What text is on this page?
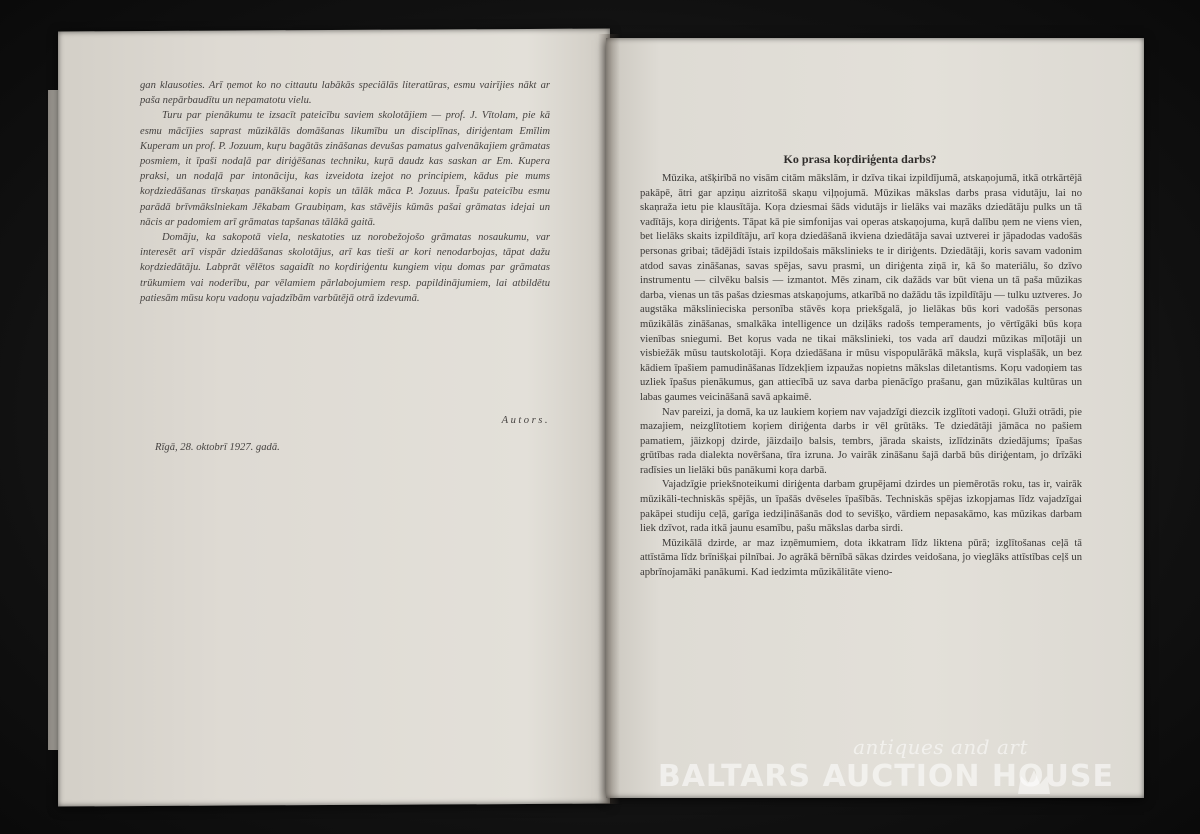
gan klausoties. Arī ņemot ko no cittautu labākās speciālās literatūras, esmu vairījies nākt ar paša nepārbaudītu un nepamatotu vielu.

Turu par pienākumu te izsacīt pateicību saviem skolotājiem — prof. J. Vītolam, pie kā esmu mācījies saprast mūzikālās domāšanas likumību un disciplīnas, diriģentam Emīlim Kuperam un prof. P. Jozuum, kuŗu bagātās zināšanas devušas pamatus galvenākajiem grāmatas posmiem, it īpaši nodaļā par diriģēšanas techniku, kuŗā daudz kas saskan ar Em. Kupera praksi, un nodaļā par intonāciju, kas izveidota izejot no principiem, kādus pie mums koŗdziedāšanas tīrskaņas panākšanai kopis un tālāk māca P. Jozuus. Īpašu pateicību esmu parādā brīvmākslniekam Jēkabam Graubiņam, kas stāvējis kūmās pašai grāmatas idejai un nācis ar padomiem arī grāmatas tapšanas tālākā gaitā.

Domāju, ka sakopotā viela, neskatoties uz norobežojošo grāmatas nosaukumu, var interesēt arī vispār dziedāšanas skolotājus, arī kas tieši ar kori nenodarbojas, tāpat dažu koŗdziedātāju. Labprāt vēlētos sagaidīt no koŗdiriģentu kungiem viņu domas par grāmatas trūkumiem vai noderību, par vēlamiem pārlabojumiem resp. papildinājumiem, lai atbildētu patiesām mūsu koŗu vadoņu vajadzībām varbūtējā otrā izdevumā.

Autors.
Rīgā, 28. oktobrī 1927. gadā.
Ko prasa koŗdiriģenta darbs?

Mūzika, atšķirībā no visām citām mākslām, ir dzīva tikai izpildījumā, atskaņojumā, itkā otrkārtējā pakāpē, ātri gar apziņu aizritošā skaņu viļņojumā. Mūzikas mākslas darbs prasa vidutāju, lai no skaņraža ietu pie klausītāja. Koŗa dziesmai šāds vidutājs ir lielāks vai mazāks dziedātāju pulks un tā vadītājs, koŗa diriģents. Tāpat kā pie simfonijas vai operas atskaņojuma, kuŗā dalību ņem ne viens vien, bet lielāks skaits izpildītāju, arī koŗa dziedāšanā ikviena dziedātāja savai uztverei ir jāpadodas vadošās personas gribai; tādējādi īstais izpildošais mākslinieks te ir diriģents. Dziedātāji, koris savam vadonim atdod savas zināšanas, savas spējas, savu prasmi, un diriģenta ziņā ir, kā šo materiālu, šo dzīvo instrumentu — cilvēku balsis — izmantot. Mēs zinam, cik dažāds var būt viena un tā paša mūzikas darba, vienas un tās pašas dziesmas atskaņojums, atkarībā no dažādu tās izpildītāju — tulku uztveres. Jo augstāka mākslinieciska personība stāvēs koŗa priekšgalā, jo lielākas būs kori vadošās personas mūzikālās zināšanas, smalkāka intelligence un dziļāks radošs temperaments, jo vērtīgāki būs koŗa vienības sniegumi. Bet koŗus vada ne tikai mākslinieki, tos vada arī daudzi mūzikas mīļotāji un visbiežāk mūsu tautskolotāji. Koŗa dziedāšana ir mūsu vispopulārākā māksla, kuŗā visplašāk, un bez kādiem īpašiem pamudināšanas līdzekļiem izpaužas nopietns mākslas diletantisms. Koŗu vadoņiem tas uzliek īpašus pienākumus, gan attiecībā uz sava darba pienācīgo prašanu, gan mūzikālas kultūras un labas gaumes veicināšanā savā apkaimē.

Nav pareizi, ja domā, ka uz laukiem koŗiem nav vajadzīgi diezcik izglītoti vadoņi. Gluži otrādi, pie mazajiem, neizglītotiem koŗiem diriģenta darbs ir vēl grūtāks. Te dziedātāji jāmāca no pašiem pamatiem, jāizkopj dzirde, jāizdaiļo balsis, tembrs, jārada skaists, izlīdzināts dziedājums; īpašas grūtības rada dialekta novēršana, tīra izruna. Jo vairāk zināšanu šajā darbā būs diriģentam, jo drīzāki radīsies un lielāki būs panākumi koŗa darbā.

Vajadzīgie priekšnoteikumi diriģenta darbam grupējami dzirdes un piemērotās roku, tas ir, vairāk mūzikāli-techniskās spējās, un īpašās dvēseles īpašībās. Techniskās spējas izkopjamas līdz vajadzīgai pakāpei studiju ceļā, garīga iedziļināšanās dod to sevišķo, vārdiem nepasakāmo, kas mūzikas darbam liek dzīvot, rada itkā jaunu esamību, pašu mākslas darba sirdi.

Mūzikālā dzirde, ar maz izņēmumiem, dota ikkatram līdz liktena pūrā; izglītošanas ceļā tā attīstāma līdz brīnišķai pilnībai. Jo agrākā bērnībā sākas dzirdes veidošana, jo vieglāks attīstības ceļš un apbrīnojamāki panākumi. Kad iedzimta mūzikālitāte vieno-

antiques and art
BALTARS AUCTION HOUSE
